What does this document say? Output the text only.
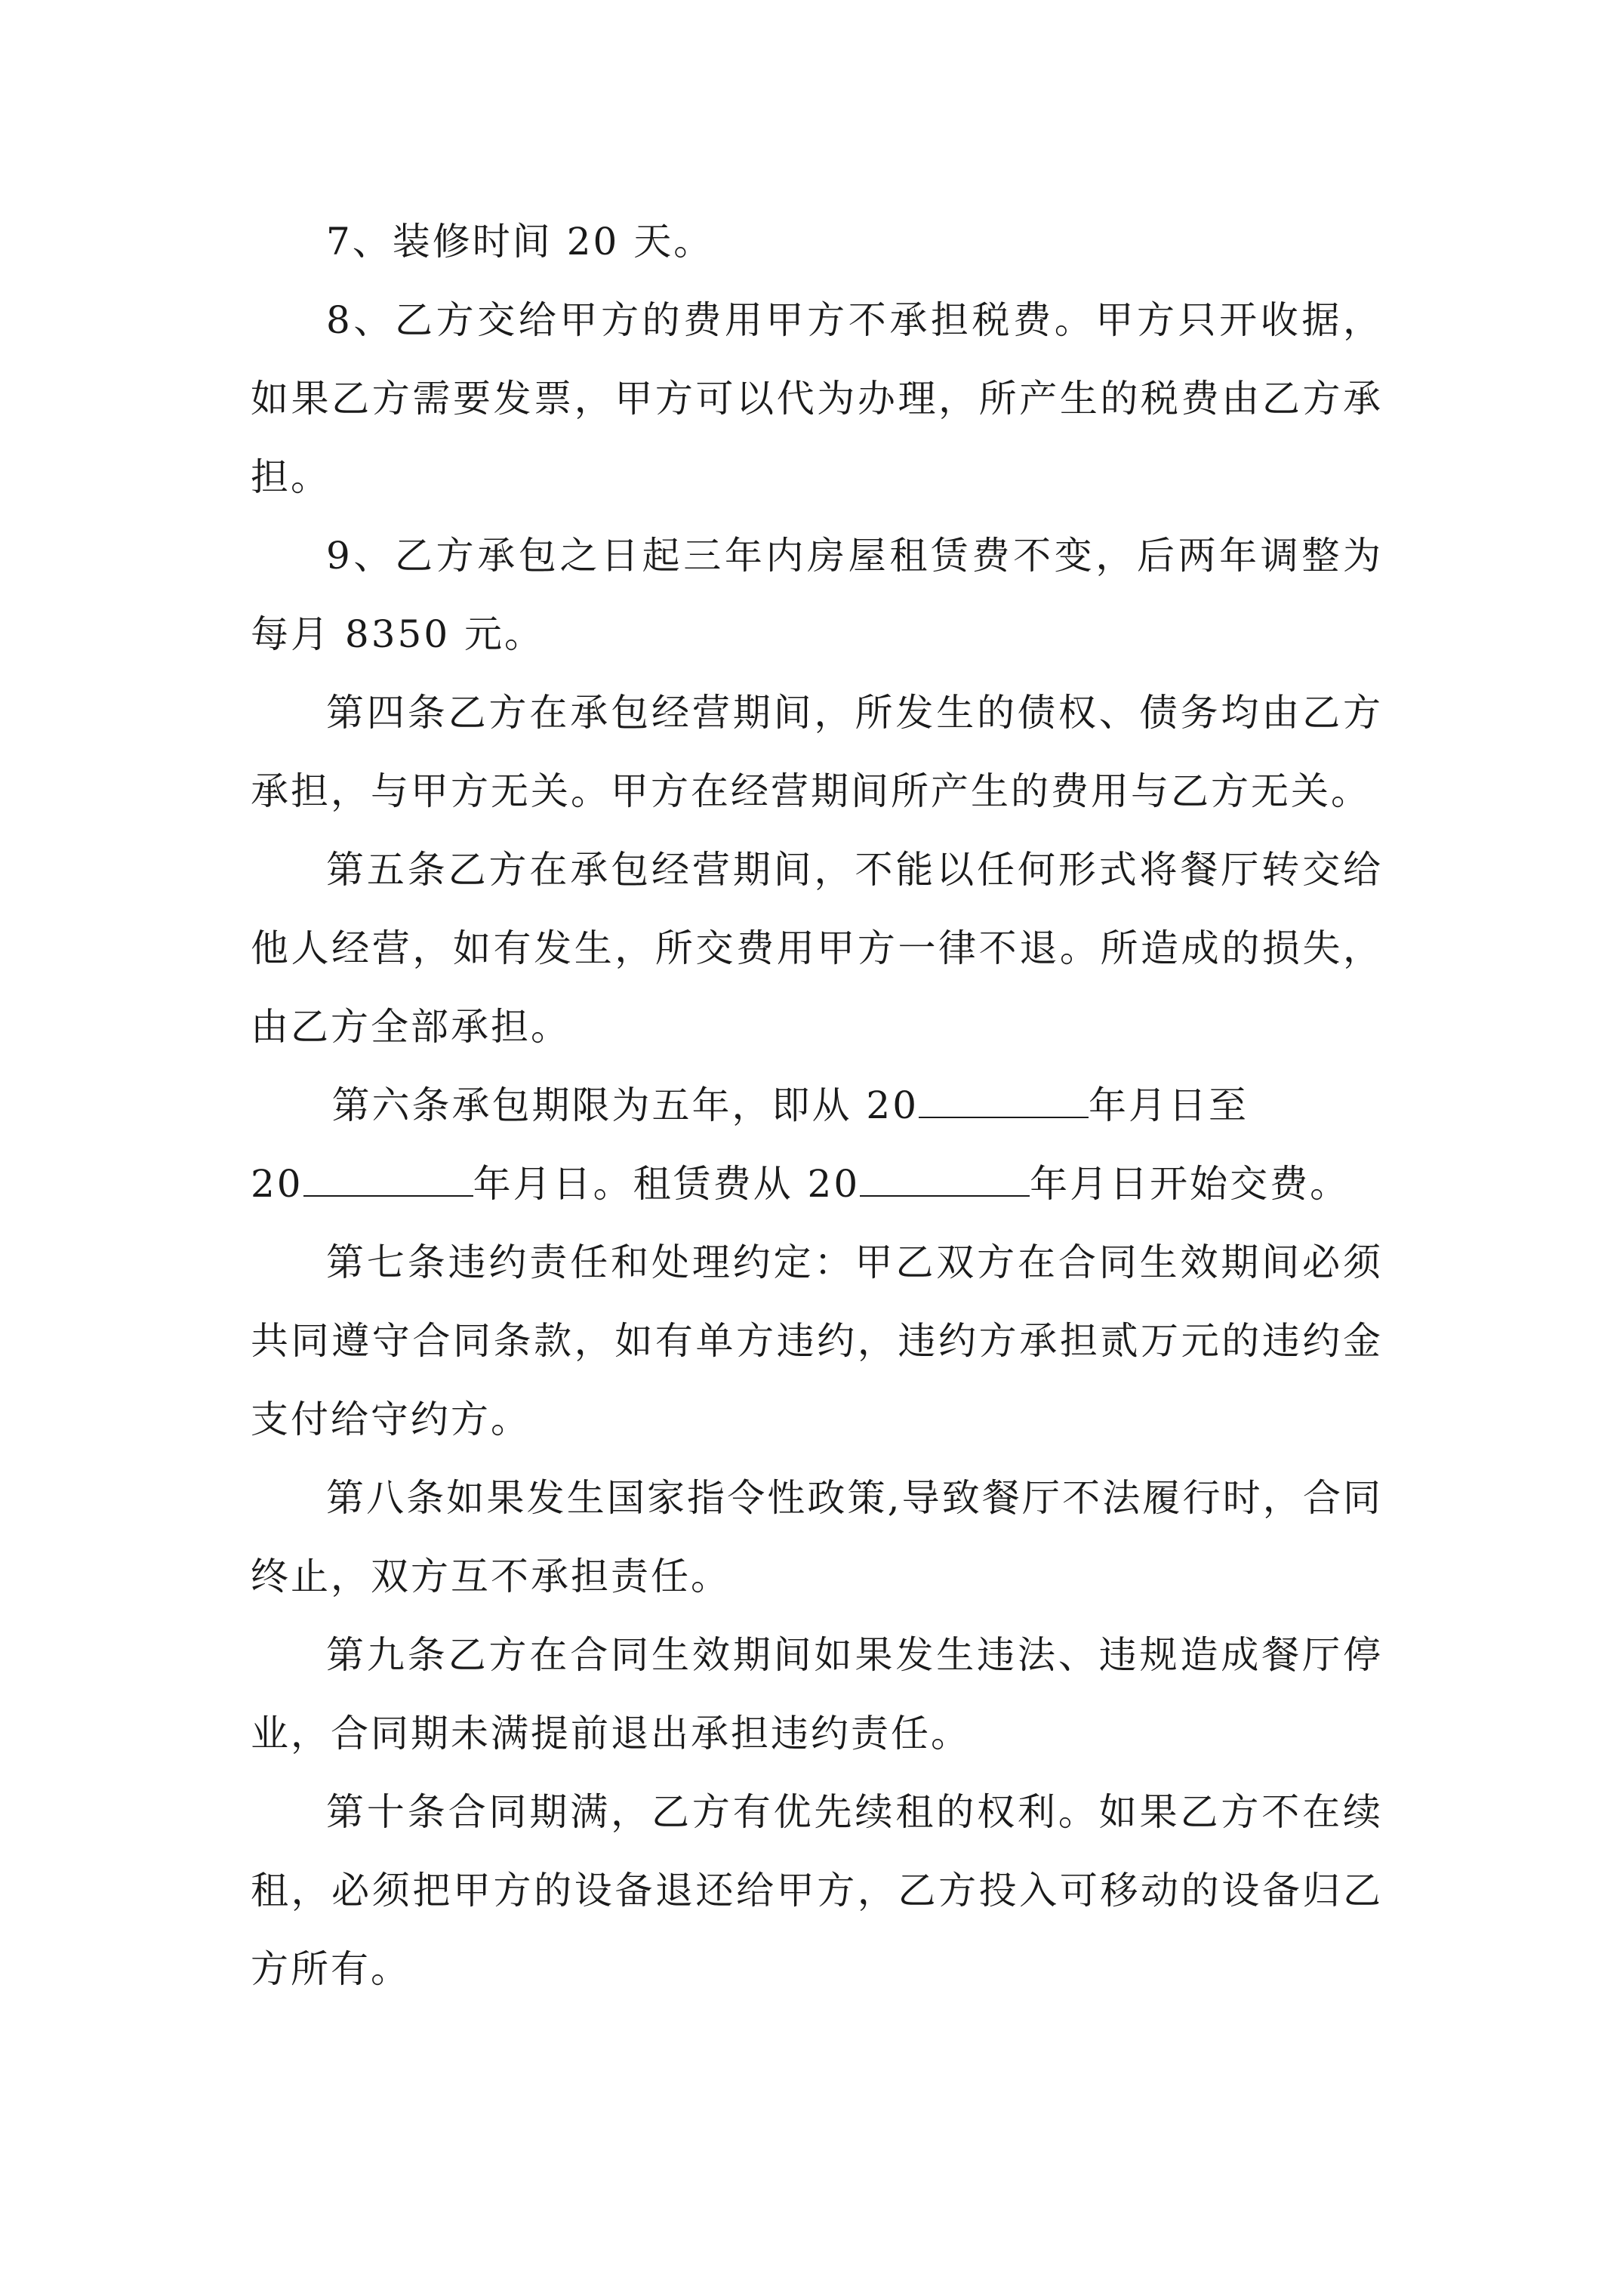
7、装修时间 20 天。

8、乙方交给甲方的费用甲方不承担税费。甲方只开收据，如果乙方需要发票，甲方可以代为办理，所产生的税费由乙方承担。

9、乙方承包之日起三年内房屋租赁费不变，后两年调整为每月 8350 元。

第四条乙方在承包经营期间，所发生的债权、债务均由乙方承担，与甲方无关。甲方在经营期间所产生的费用与乙方无关。

第五条乙方在承包经营期间，不能以任何形式将餐厅转交给他人经营，如有发生，所交费用甲方一律不退。所造成的损失，由乙方全部承担。

第六条承包期限为五年，即从 20	年月日至
20	年月日。租赁费从 20	年月日开始交费。

第七条违约责任和处理约定：甲乙双方在合同生效期间必须共同遵守合同条款，如有单方违约，违约方承担贰万元的违约金支付给守约方。

第八条如果发生国家指令性政策,导致餐厅不法履行时，合同终止，双方互不承担责任。

第九条乙方在合同生效期间如果发生违法、违规造成餐厅停业，合同期未满提前退出承担违约责任。

第十条合同期满，乙方有优先续租的权利。如果乙方不在续租，必须把甲方的设备退还给甲方，乙方投入可移动的设备归乙方所有。
